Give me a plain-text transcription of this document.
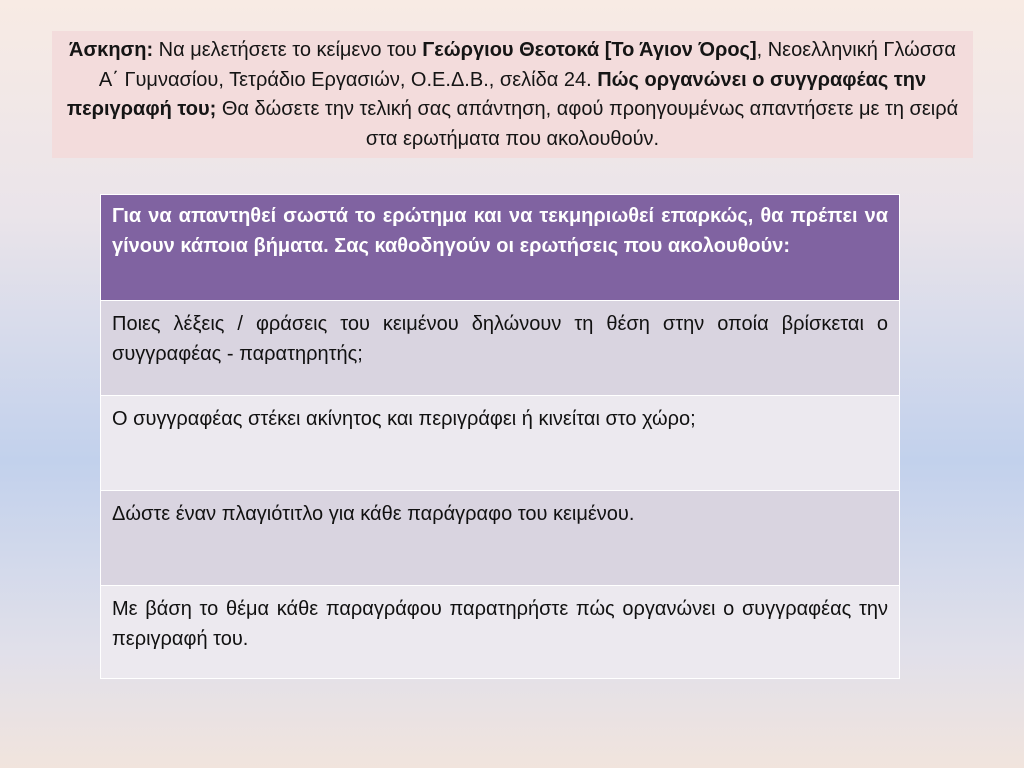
Άσκηση: Να μελετήσετε το κείμενο του Γεώργιου Θεοτοκά [Το Άγιον Όρος], Νεοελληνική Γλώσσα Α΄ Γυμνασίου, Τετράδιο Εργασιών, Ο.Ε.Δ.Β., σελίδα 24. Πώς οργανώνει ο συγγραφέας την περιγραφή του; Θα δώσετε την τελική σας απάντηση, αφού προηγουμένως απαντήσετε με τη σειρά στα ερωτήματα που ακολουθούν.
Για να απαντηθεί σωστά το ερώτημα και να τεκμηριωθεί επαρκώς, θα πρέπει να γίνουν κάποια βήματα. Σας καθοδηγούν οι ερωτήσεις που ακολουθούν:
Ποιες λέξεις / φράσεις του κειμένου δηλώνουν τη θέση στην οποία βρίσκεται ο συγγραφέας - παρατηρητής;
Ο συγγραφέας στέκει ακίνητος και περιγράφει ή κινείται στο χώρο;
Δώστε έναν πλαγιότιτλο για κάθε παράγραφο του κειμένου.
Με βάση το θέμα κάθε παραγράφου παρατηρήστε πώς οργανώνει ο συγγραφέας την περιγραφή του.
